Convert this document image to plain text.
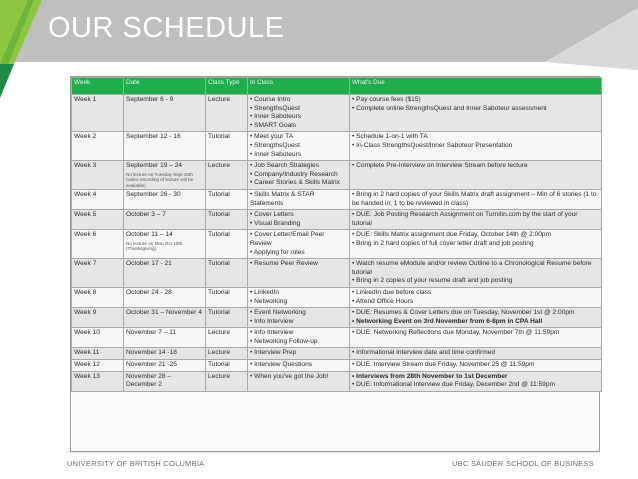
OUR SCHEDULE
Week	Date	Class Type	In Class	What's Due

Week 1	September 6 - 9	Lecture	• Course Intro
• StrengthsQuest
• Inner Saboteurs
• SMART Goals	• Pay course fees ($15)
• Complete online StrengthsQuest and Inner Saboteur assessment

Week 2	September 12 - 16	Tutorial	• Meet your TA
• StrengthsQuest
• Inner Saboteurs	• Schedule 1-on-1 with TA
• In-Class StrengthsQuest/Inner Saboteur Presentation

Week 3	September 19 – 24
No lecture on Tuesday Sept 20th (video recording of lecture will be available)	Lecture	• Job Search Strategies
• Company/Industry Research
• Career Stories & Skills Matrix	• Complete Pre-Interview on Interview Stream before lecture

Week 4	September 26 - 30	Tutorial	• Skills Matrix & STAR Statements	• Bring in 2 hard copies of your Skills Matrix draft assignment – Min of 6 stories (1 to be handed in; 1 to be reviewed in class)

Week 5	October 3 – 7	Tutorial	• Cover Letters
• Visual Branding	• DUE: Job Posting Research Assignment on Turnitin.com by the start of your tutorial

Week 6	October 11 – 14
No lecture on Mon Oct 10th (Thanksgiving)	Tutorial	• Cover Letter/Email Peer Review
• Applying for roles	• DUE: Skills Matrix assignment due Friday, October 14th @ 2:00pm
• Bring in 2 hard copies of full cover letter draft and job posting

Week 7	October 17 - 21	Tutorial	• Resume Peer Review	• Watch resume eModule and/or review Outline to a Chronological Resume before tutorial
• Bring in 2 copies of your resume draft and job posting

Week 8	October 24 - 28	Tutorial	• LinkedIn
• Networking	• LinkedIn due before class
• Attend Office Hours

Week 9	October 31 – November 4	Tutorial	• Event Networking
• Info Interview	• DUE: Resumes & Cover Letters due on Tuesday, November 1st @ 2:00pm
• Networking Event on 3rd November from 6-8pm in CPA Hall

Week 10	November 7 – 11	Lecture	• Info Interview
• Networking Follow-up	• DUE: Networking Reflections due Monday, November 7th @ 11:59pm

Week 11	November 14 -18	Lecture	• Interview Prep	• Informational Interview date and time confirmed

Week 12	November 21 -25	Tutorial	• Interview Questions	• DUE: Interview Stream due Friday, November 25 @ 11:59pm

Week 13	November 28 – December 2	Lecture	• When you've got the Job!	• Interviews from 28th November to 1st December
• DUE: Informational Interview due Friday, December 2nd @ 11:59pm
UNIVERSITY OF BRITISH COLUMBIA	UBC SAUDER SCHOOL OF BUSINESS
